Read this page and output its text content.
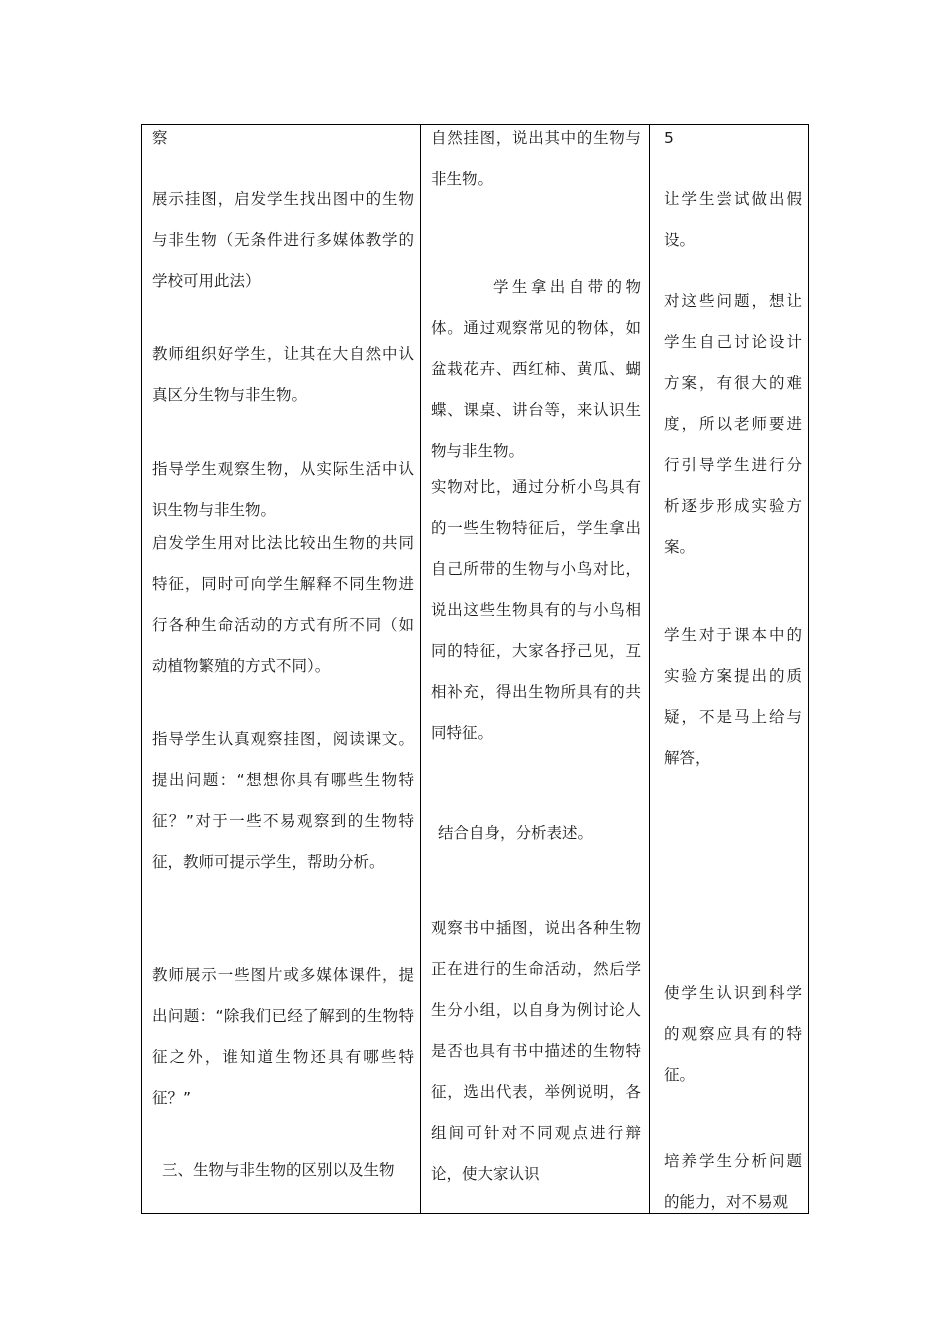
察

展示挂图，启发学生找出图中的生物与非生物（无条件进行多媒体教学的学校可用此法）

教师组织好学生，让其在大自然中认真区分生物与非生物。

指导学生观察生物，从实际生活中认识生物与非生物。

启发学生用对比法比较出生物的共同特征，同时可向学生解释不同生物进行各种生命活动的方式有所不同（如动植物繁殖的方式不同）。

指导学生认真观察挂图，阅读课文。提出问题：“想想你具有哪些生物特征？”对于一些不易观察到的生物特征，教师可提示学生，帮助分析。

教师展示一些图片或多媒体课件，提出问题：“除我们已经了解到的生物特征之外，谁知道生物还具有哪些特征？”

三、生物与非生物的区别以及生物

自然挂图，说出其中的生物与非生物。

学生拿出自带的物体。通过观察常见的物体，如盆栽花卉、西红柿、黄瓜、蝴蝶、课桌、讲台等，来认识生物与非生物。

实物对比，通过分析小鸟具有的一些生物特征后，学生拿出自己所带的生物与小鸟对比，说出这些生物具有的与小鸟相同的特征，大家各抒己见，互相补充，得出生物所具有的共同特征。

结合自身，分析表述。

观察书中插图，说出各种生物正在进行的生命活动，然后学生分小组，以自身为例讨论人是否也具有书中描述的生物特征，选出代表，举例说明，各组间可针对不同观点进行辩论，使大家认识

5

让学生尝试做出假设。

对这些问题，想让学生自己讨论设计方案，有很大的难度，所以老师要进行引导学生进行分析逐步形成实验方案。

学生对于课本中的实验方案提出的质疑，不是马上给与解答，

使学生认识到科学的观察应具有的特征。

培养学生分析问题的能力，对不易观
